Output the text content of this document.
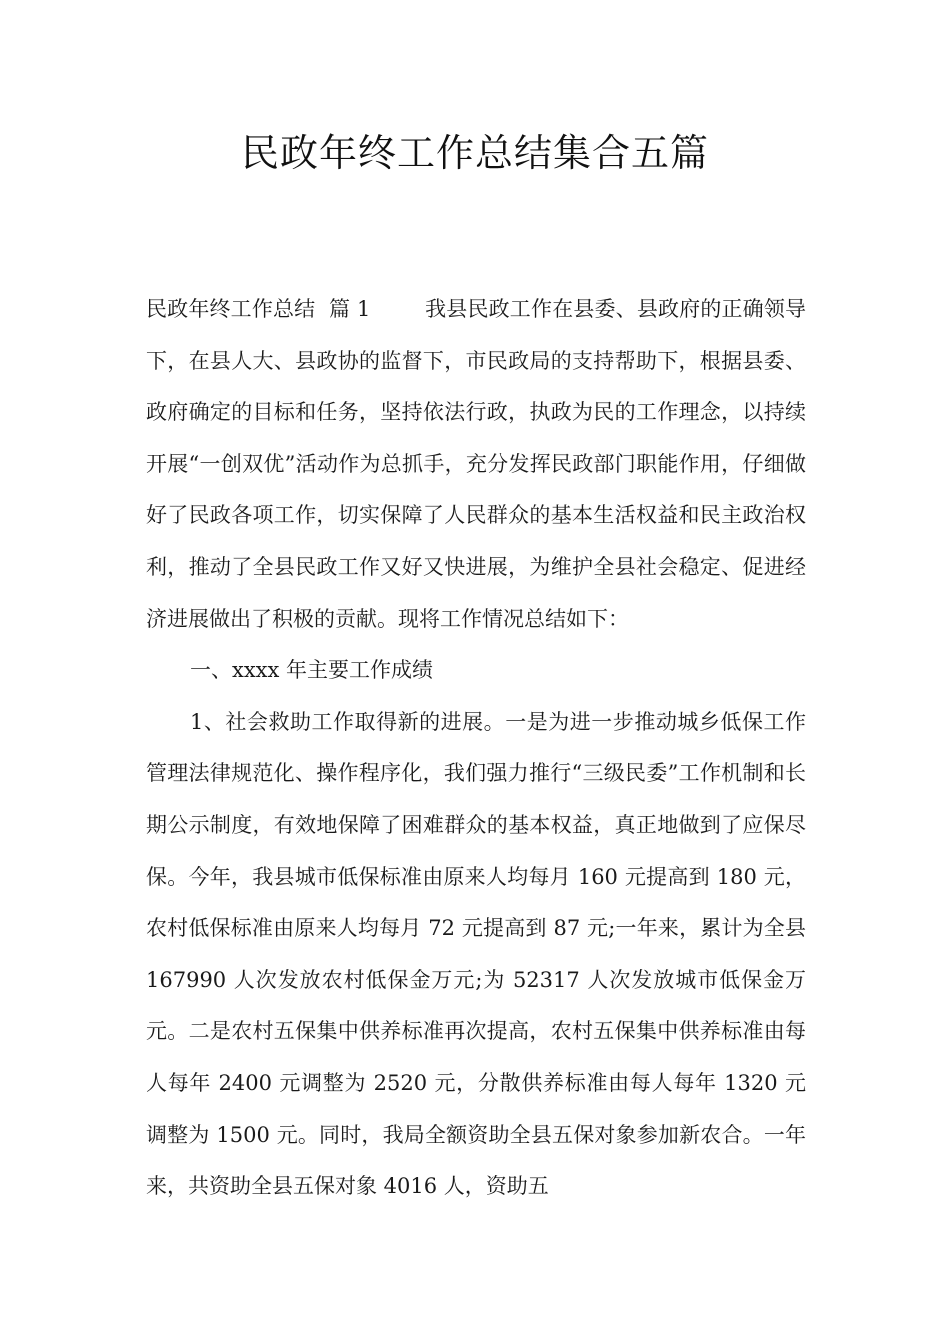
民政年终工作总结集合五篇

民政年终工作总结  篇 1        我县民政工作在县委、县政府的正确领导下，在县人大、县政协的监督下，市民政局的支持帮助下，根据县委、政府确定的目标和任务，坚持依法行政，执政为民的工作理念，以持续开展“一创双优”活动作为总抓手，充分发挥民政部门职能作用，仔细做好了民政各项工作，切实保障了人民群众的基本生活权益和民主政治权利，推动了全县民政工作又好又快进展，为维护全县社会稳定、促进经济进展做出了积极的贡献。现将工作情况总结如下：

一、xxxx 年主要工作成绩

1、社会救助工作取得新的进展。一是为进一步推动城乡低保工作管理法律规范化、操作程序化，我们强力推行“三级民委”工作机制和长期公示制度，有效地保障了困难群众的基本权益，真正地做到了应保尽保。今年，我县城市低保标准由原来人均每月 160 元提高到 180 元，农村低保标准由原来人均每月 72 元提高到 87 元;一年来，累计为全县 167990 人次发放农村低保金万元;为 52317 人次发放城市低保金万元。二是农村五保集中供养标准再次提高，农村五保集中供养标准由每人每年 2400 元调整为 2520 元，分散供养标准由每人每年 1320 元调整为 1500 元。同时，我局全额资助全县五保对象参加新农合。一年来，共资助全县五保对象 4016 人，资助五
